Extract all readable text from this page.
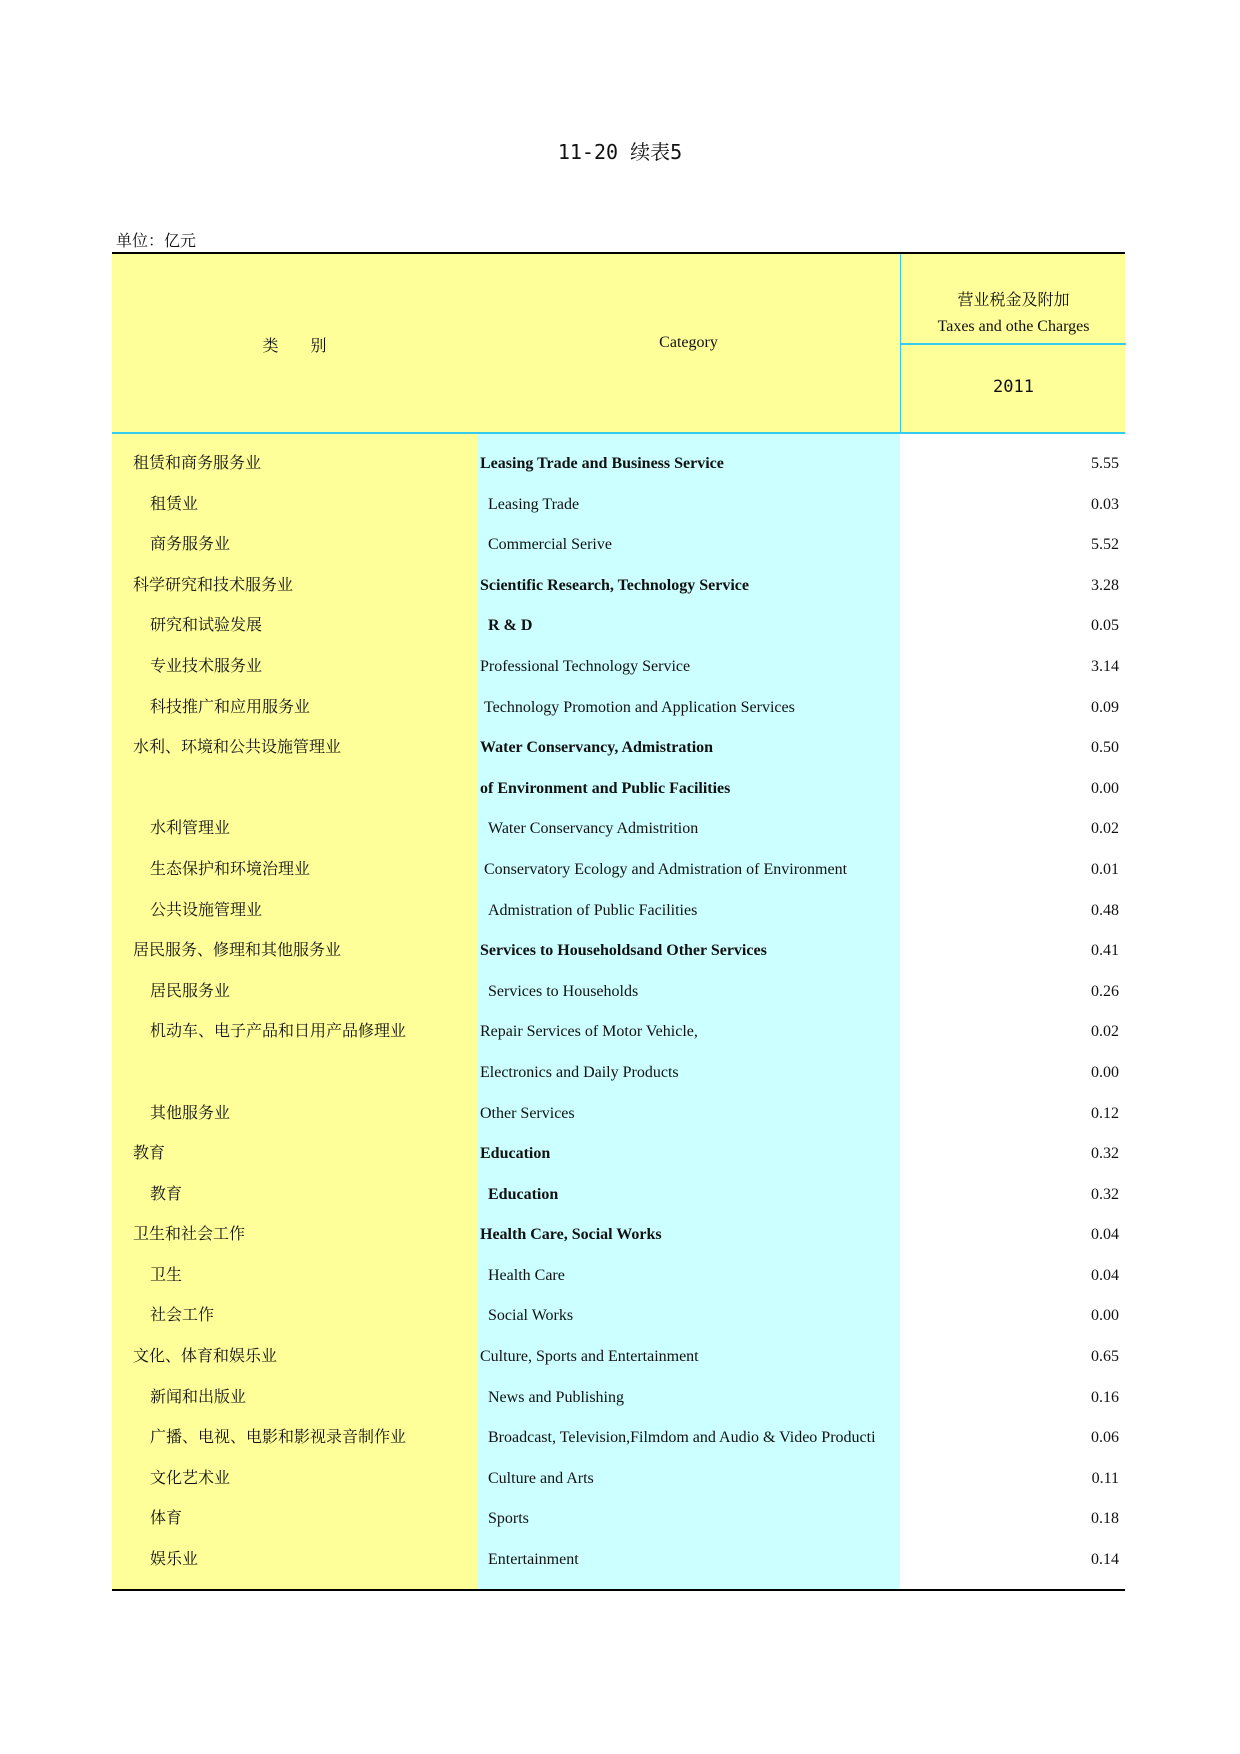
11-20 续表5
单位：亿元
类　　别	Category
营业税金及附加
Taxes and othe Charges
2011
租赁和商务服务业
租赁业
商务服务业
科学研究和技术服务业
研究和试验发展
专业技术服务业
科技推广和应用服务业
水利、环境和公共设施管理业
水利管理业
生态保护和环境治理业
公共设施管理业
居民服务、修理和其他服务业
居民服务业
机动车、电子产品和日用产品修理业
其他服务业
教育
教育
卫生和社会工作
卫生
社会工作
文化、体育和娱乐业
新闻和出版业
广播、电视、电影和影视录音制作业
文化艺术业
体育
娱乐业
Leasing Trade and Business Service
Leasing Trade
Commercial Serive
Scientific Research, Technology Service
R & D
Professional Technology Service
Technology Promotion and Application Services
Water Conservancy, Admistration
of Environment and Public Facilities
Water Conservancy Admistrition
Conservatory Ecology and Admistration of Environment
Admistration of Public Facilities
Services to Householdsand Other Services
Services to Households
Repair Services of Motor Vehicle,
Electronics and Daily Products
Other Services
Education
Education
Health Care, Social Works
Health Care
Social Works
Culture, Sports and Entertainment
News and Publishing
Broadcast, Television,Filmdom and Audio & Video Producti
Culture and Arts
Sports
Entertainment
5.55
0.03
5.52
3.28
0.05
3.14
0.09
0.50
0.00
0.02
0.01
0.48
0.41
0.26
0.02
0.00
0.12
0.32
0.32
0.04
0.04
0.00
0.65
0.16
0.06
0.11
0.18
0.14
